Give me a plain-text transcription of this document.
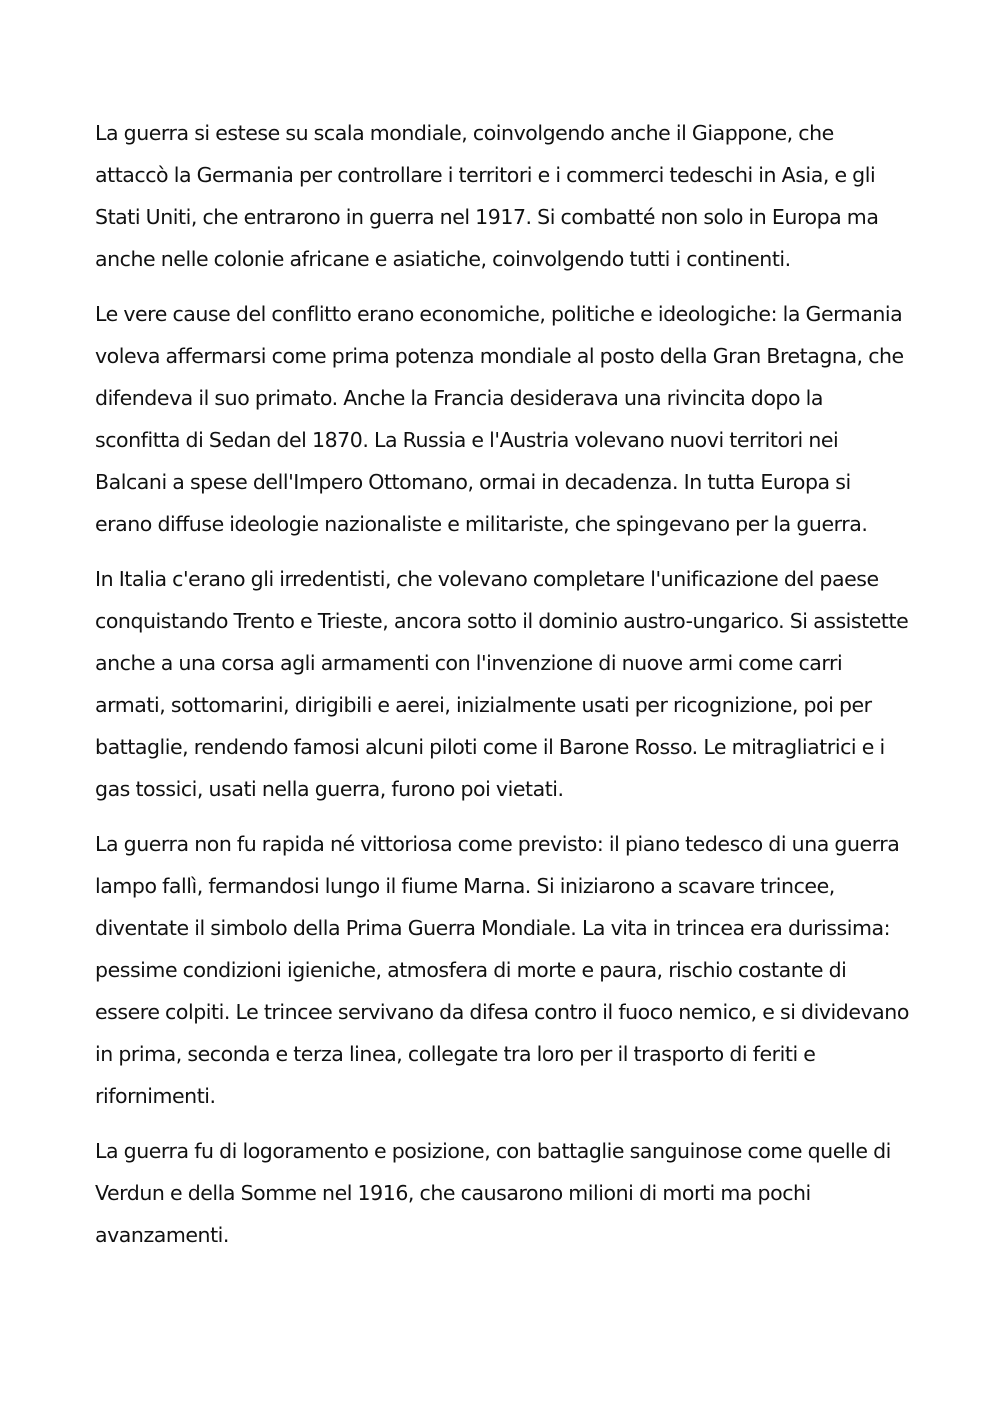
La guerra si estese su scala mondiale, coinvolgendo anche il Giappone, che attaccò la Germania per controllare i territori e i commerci tedeschi in Asia, e gli Stati Uniti, che entrarono in guerra nel 1917. Si combatté non solo in Europa ma anche nelle colonie africane e asiatiche, coinvolgendo tutti i continenti.

Le vere cause del conflitto erano economiche, politiche e ideologiche: la Germania voleva affermarsi come prima potenza mondiale al posto della Gran Bretagna, che difendeva il suo primato. Anche la Francia desiderava una rivincita dopo la sconfitta di Sedan del 1870. La Russia e l'Austria volevano nuovi territori nei Balcani a spese dell'Impero Ottomano, ormai in decadenza. In tutta Europa si erano diffuse ideologie nazionaliste e militariste, che spingevano per la guerra.

In Italia c'erano gli irredentisti, che volevano completare l'unificazione del paese conquistando Trento e Trieste, ancora sotto il dominio austro-ungarico. Si assistette anche a una corsa agli armamenti con l'invenzione di nuove armi come carri armati, sottomarini, dirigibili e aerei, inizialmente usati per ricognizione, poi per battaglie, rendendo famosi alcuni piloti come il Barone Rosso. Le mitragliatrici e i gas tossici, usati nella guerra, furono poi vietati.

La guerra non fu rapida né vittoriosa come previsto: il piano tedesco di una guerra lampo fallì, fermandosi lungo il fiume Marna. Si iniziarono a scavare trincee, diventate il simbolo della Prima Guerra Mondiale. La vita in trincea era durissima: pessime condizioni igieniche, atmosfera di morte e paura, rischio costante di essere colpiti. Le trincee servivano da difesa contro il fuoco nemico, e si dividevano in prima, seconda e terza linea, collegate tra loro per il trasporto di feriti e rifornimenti.

La guerra fu di logoramento e posizione, con battaglie sanguinose come quelle di Verdun e della Somme nel 1916, che causarono milioni di morti ma pochi avanzamenti.
